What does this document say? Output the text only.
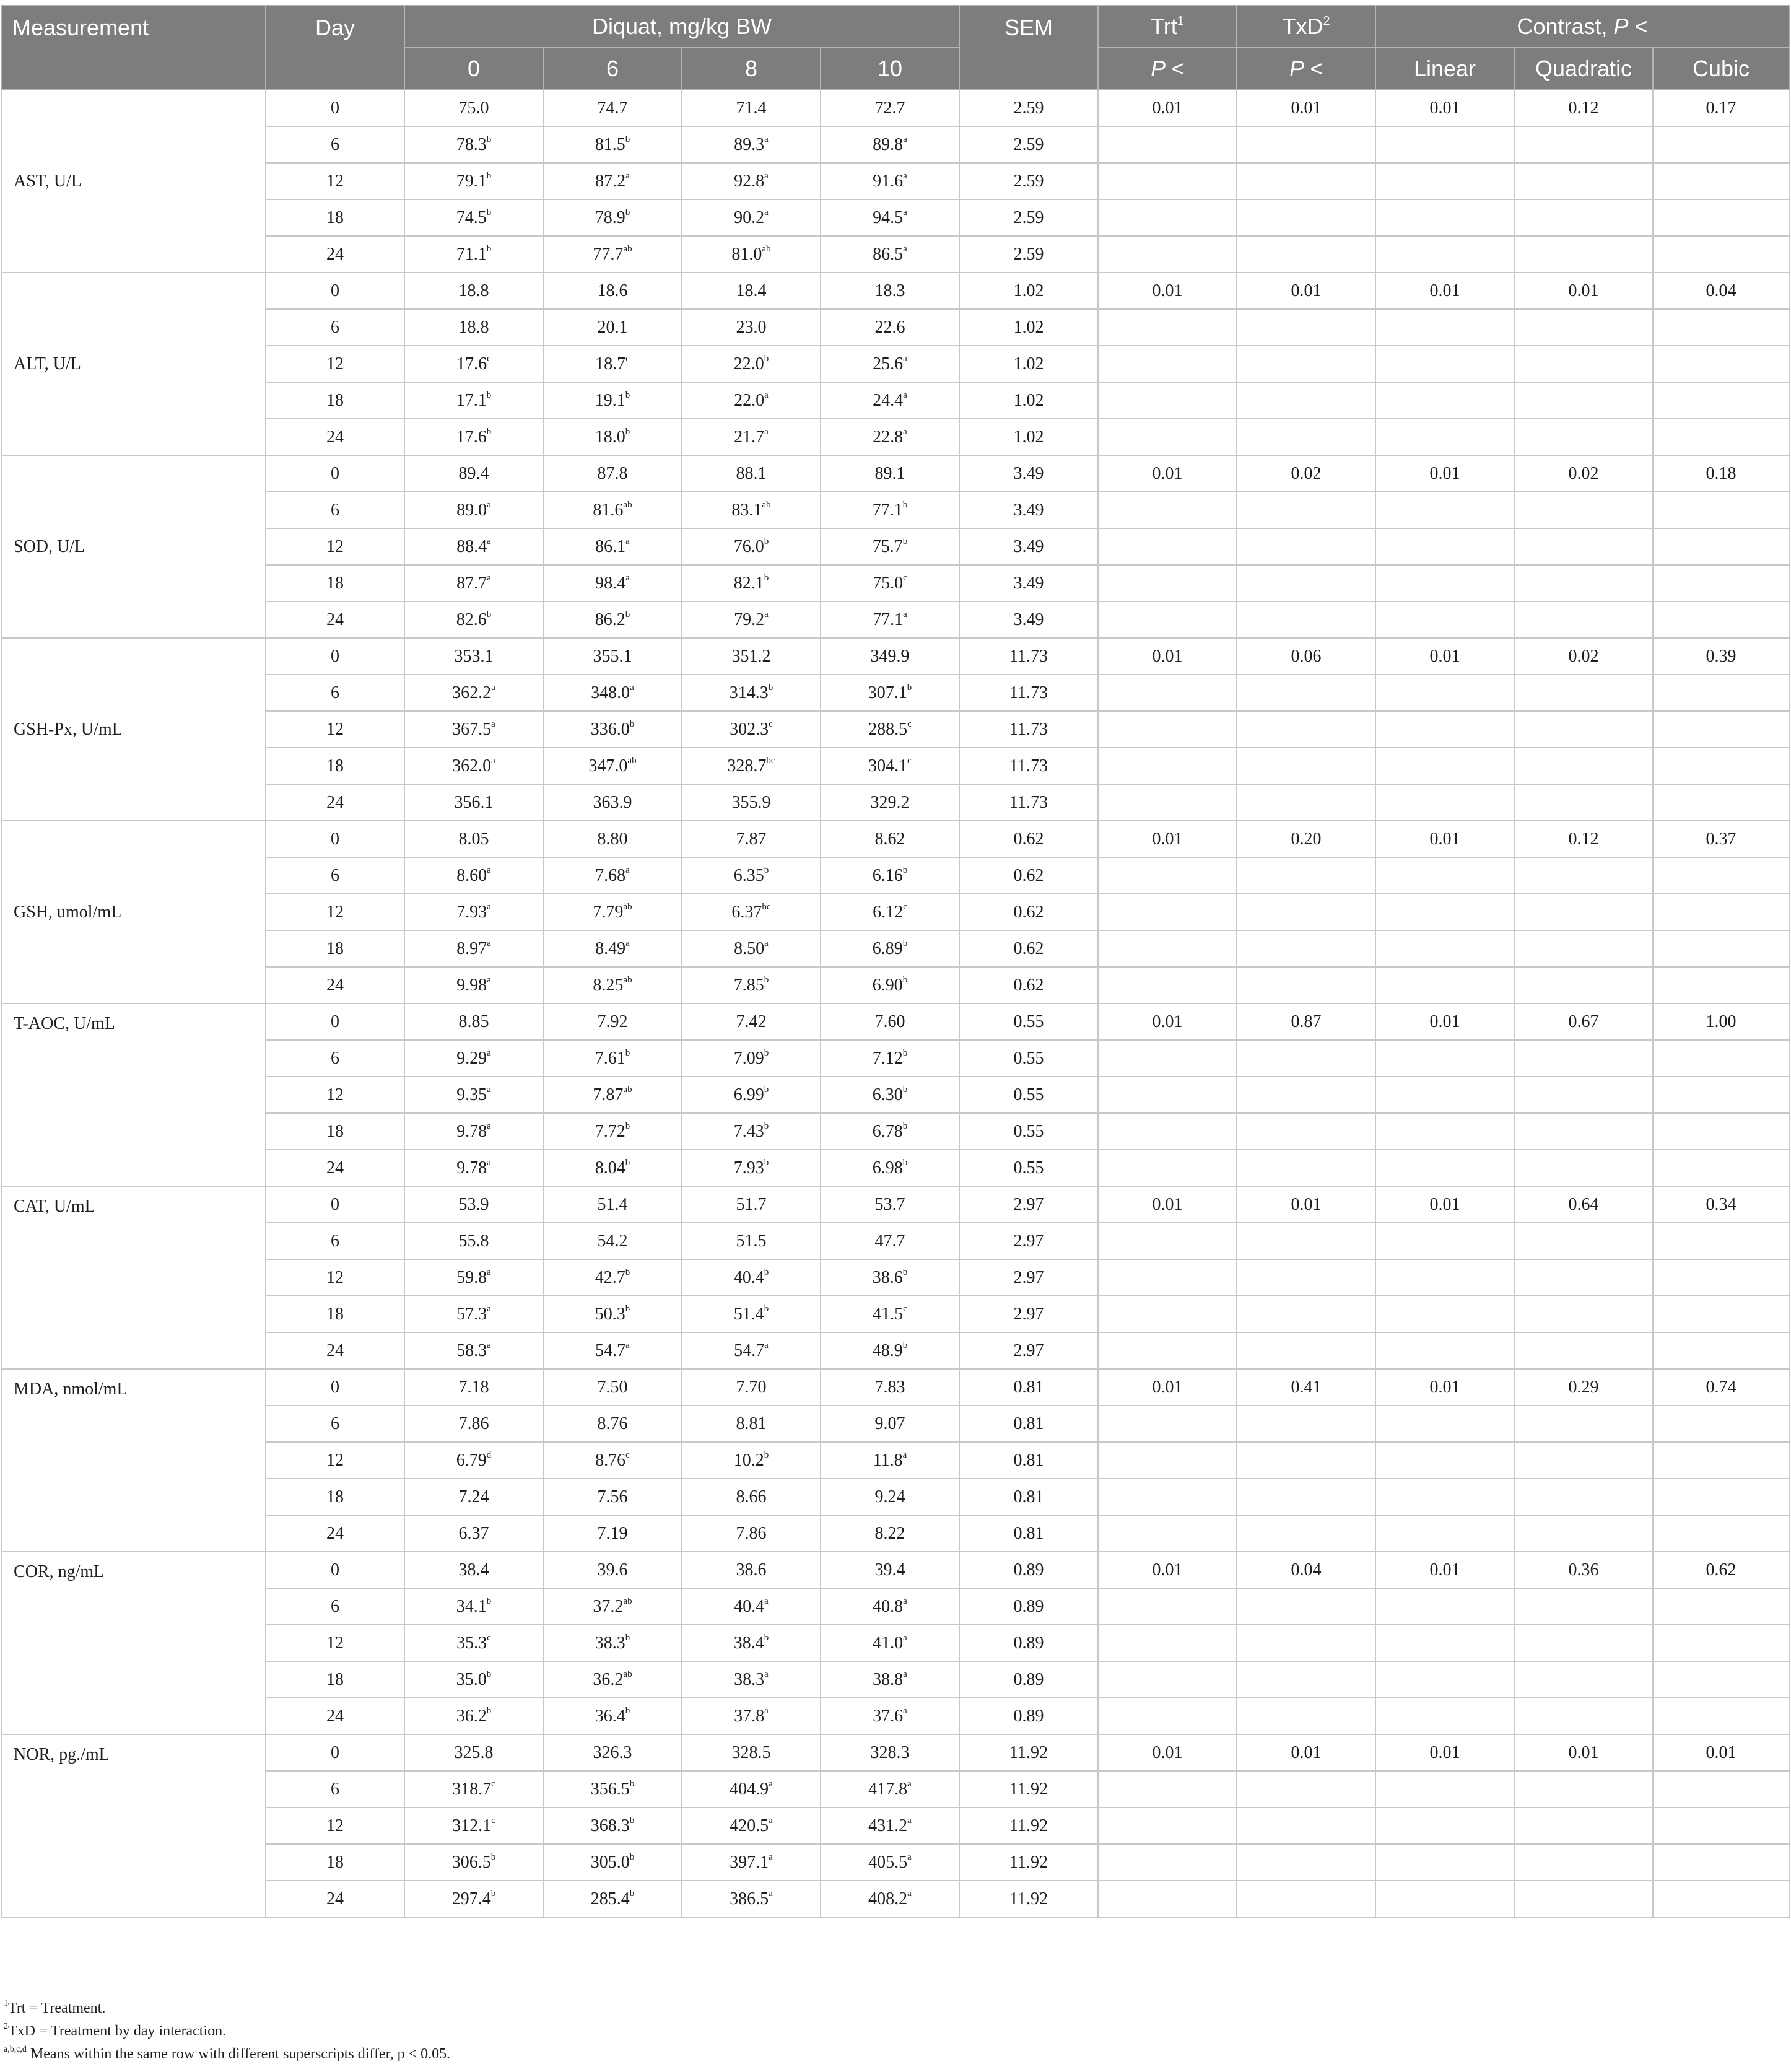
Measurement	Day	Diquat, mg/kg BW				SEM	Trt$^1$	TxD$^2$	Contrast, P <		
		0	6	8	10		P <	P <	Linear	Quadratic	Cubic
AST, U/L	0	75.0	74.7	71.4	72.7	2.59	0.01	0.01	0.01	0.12	0.17
	6	78.3$^b$	81.5$^b$	89.3$^a$	89.8$^a$	2.59					
	12	79.1$^b$	87.2$^a$	92.8$^a$	91.6$^a$	2.59					
	18	74.5$^b$	78.9$^b$	90.2$^a$	94.5$^a$	2.59					
	24	71.1$^b$	77.7$^{ab}$	81.0$^{ab}$	86.5$^a$	2.59					
ALT, U/L	0	18.8	18.6	18.4	18.3	1.02	0.01	0.01	0.01	0.01	0.04
	6	18.8	20.1	23.0	22.6	1.02					
	12	17.6$^c$	18.7$^c$	22.0$^b$	25.6$^a$	1.02					
	18	17.1$^b$	19.1$^b$	22.0$^a$	24.4$^a$	1.02					
	24	17.6$^b$	18.0$^b$	21.7$^a$	22.8$^a$	1.02					
SOD, U/L	0	89.4	87.8	88.1	89.1	3.49	0.01	0.02	0.01	0.02	0.18
	6	89.0$^a$	81.6$^{ab}$	83.1$^{ab}$	77.1$^b$	3.49					
	12	88.4$^a$	86.1$^a$	76.0$^b$	75.7$^b$	3.49					
	18	87.7$^a$	98.4$^a$	82.1$^b$	75.0$^c$	3.49					
	24	82.6$^b$	86.2$^b$	79.2$^a$	77.1$^a$	3.49					
GSH-Px, U/mL	0	353.1	355.1	351.2	349.9	11.73	0.01	0.06	0.01	0.02	0.39
	6	362.2$^a$	348.0$^a$	314.3$^b$	307.1$^b$	11.73					
	12	367.5$^a$	336.0$^b$	302.3$^c$	288.5$^c$	11.73					
	18	362.0$^a$	347.0$^{ab}$	328.7$^{bc}$	304.1$^c$	11.73					
	24	356.1	363.9	355.9	329.2	11.73					
GSH, umol/mL	0	8.05	8.80	7.87	8.62	0.62	0.01	0.20	0.01	0.12	0.37
	6	8.60$^a$	7.68$^a$	6.35$^b$	6.16$^b$	0.62					
	12	7.93$^a$	7.79$^{ab}$	6.37$^{bc}$	6.12$^c$	0.62					
	18	8.97$^a$	8.49$^a$	8.50$^a$	6.89$^b$	0.62					
	24	9.98$^a$	8.25$^{ab}$	7.85$^b$	6.90$^b$	0.62					
T-AOC, U/mL	0	8.85	7.92	7.42	7.60	0.55	0.01	0.87	0.01	0.67	1.00
	6	9.29$^a$	7.61$^b$	7.09$^b$	7.12$^b$	0.55					
	12	9.35$^a$	7.87$^{ab}$	6.99$^b$	6.30$^b$	0.55					
	18	9.78$^a$	7.72$^b$	7.43$^b$	6.78$^b$	0.55					
	24	9.78$^a$	8.04$^b$	7.93$^b$	6.98$^b$	0.55					
CAT, U/mL	0	53.9	51.4	51.7	53.7	2.97	0.01	0.01	0.01	0.64	0.34
	6	55.8	54.2	51.5	47.7	2.97					
	12	59.8$^a$	42.7$^b$	40.4$^b$	38.6$^b$	2.97					
	18	57.3$^a$	50.3$^b$	51.4$^b$	41.5$^c$	2.97					
	24	58.3$^a$	54.7$^a$	54.7$^a$	48.9$^b$	2.97					
MDA, nmol/mL	0	7.18	7.50	7.70	7.83	0.81	0.01	0.41	0.01	0.29	0.74
	6	7.86	8.76	8.81	9.07	0.81					
	12	6.79$^d$	8.76$^c$	10.2$^b$	11.8$^a$	0.81					
	18	7.24	7.56	8.66	9.24	0.81					
	24	6.37	7.19	7.86	8.22	0.81					
COR, ng/mL	0	38.4	39.6	38.6	39.4	0.89	0.01	0.04	0.01	0.36	0.62
	6	34.1$^b$	37.2$^{ab}$	40.4$^a$	40.8$^a$	0.89					
	12	35.3$^c$	38.3$^b$	38.4$^b$	41.0$^a$	0.89					
	18	35.0$^b$	36.2$^{ab}$	38.3$^a$	38.8$^a$	0.89					
	24	36.2$^b$	36.4$^b$	37.8$^a$	37.6$^a$	0.89					
NOR, pg./mL	0	325.8	326.3	328.5	328.3	11.92	0.01	0.01	0.01	0.01	0.01
	6	318.7$^c$	356.5$^b$	404.9$^a$	417.8$^a$	11.92					
	12	312.1$^c$	368.3$^b$	420.5$^a$	431.2$^a$	11.92					
	18	306.5$^b$	305.0$^b$	397.1$^a$	405.5$^a$	11.92					
	24	297.4$^b$	285.4$^b$	386.5$^a$	408.2$^a$	11.92					
$^1$Trt = Treatment.
$^2$TxD = Treatment by day interaction.
$^{a,b,c,d}$ Means within the same row with different superscripts differ, p < 0.05.
